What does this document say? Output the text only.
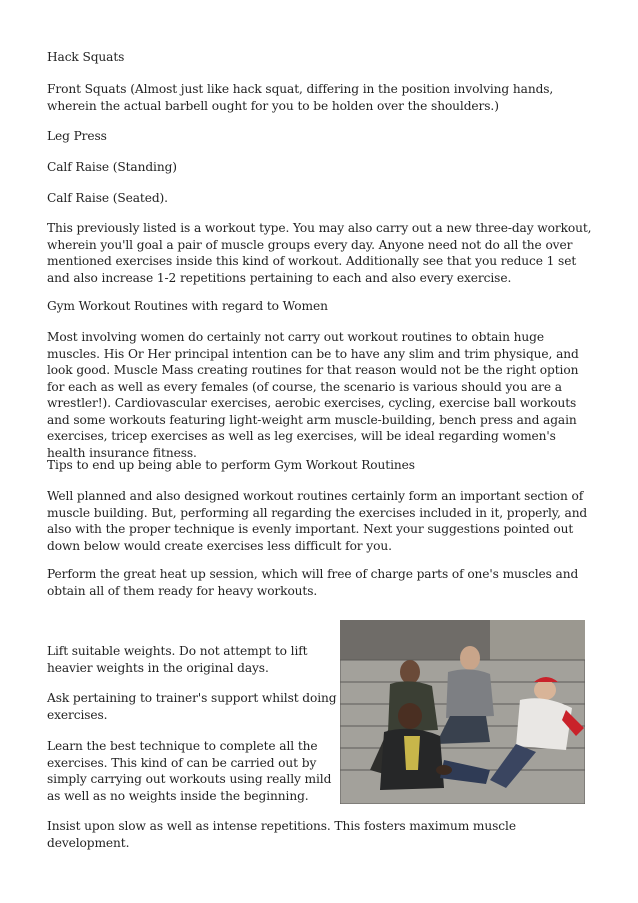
Hack Squats

Front Squats (Almost just like hack squat, differing in the position involving hands, wherein the actual barbell ought for you to be holden over the shoulders.)

Leg Press

Calf Raise (Standing)

Calf Raise (Seated).

This previously listed is a workout type. You may also carry out a new three-day workout, wherein you'll goal a pair of muscle groups every day. Anyone need not do all the over mentioned exercises inside this kind of workout. Additionally see that you reduce 1 set and also increase 1-2 repetitions pertaining to each and also every exercise.

Gym Workout Routines with regard to Women

Most involving women do certainly not carry out workout routines to obtain huge muscles. His Or Her principal intention can be to have any slim and trim physique, and look good. Muscle Mass creating routines for that reason would not be the right option for each as well as every females (of course, the scenario is various should you are a wrestler!). Cardiovascular exercises, aerobic exercises, cycling, exercise ball workouts and some workouts featuring light-weight arm muscle-building, bench press and again exercises, tricep exercises as well as leg exercises, will be ideal regarding women's health insurance fitness.

Tips to end up being able to perform Gym Workout Routines

Well planned and also designed workout routines certainly form an important section of muscle building. But, performing all regarding the exercises included in it, properly, and also with the proper technique is evenly important. Next your suggestions pointed out down below would create exercises less difficult for you.

Perform the great heat up session, which will free of charge parts of one's muscles and obtain all of them ready for heavy workouts.

Lift suitable weights. Do not attempt to lift heavier weights in the original days.

Ask pertaining to trainer's support whilst doing exercises.

Learn the best technique to complete all the exercises. This kind of can be carried out by simply carrying out workouts using really mild as well as no weights inside the beginning.

Insist upon slow as well as intense repetitions. This fosters maximum muscle development.
